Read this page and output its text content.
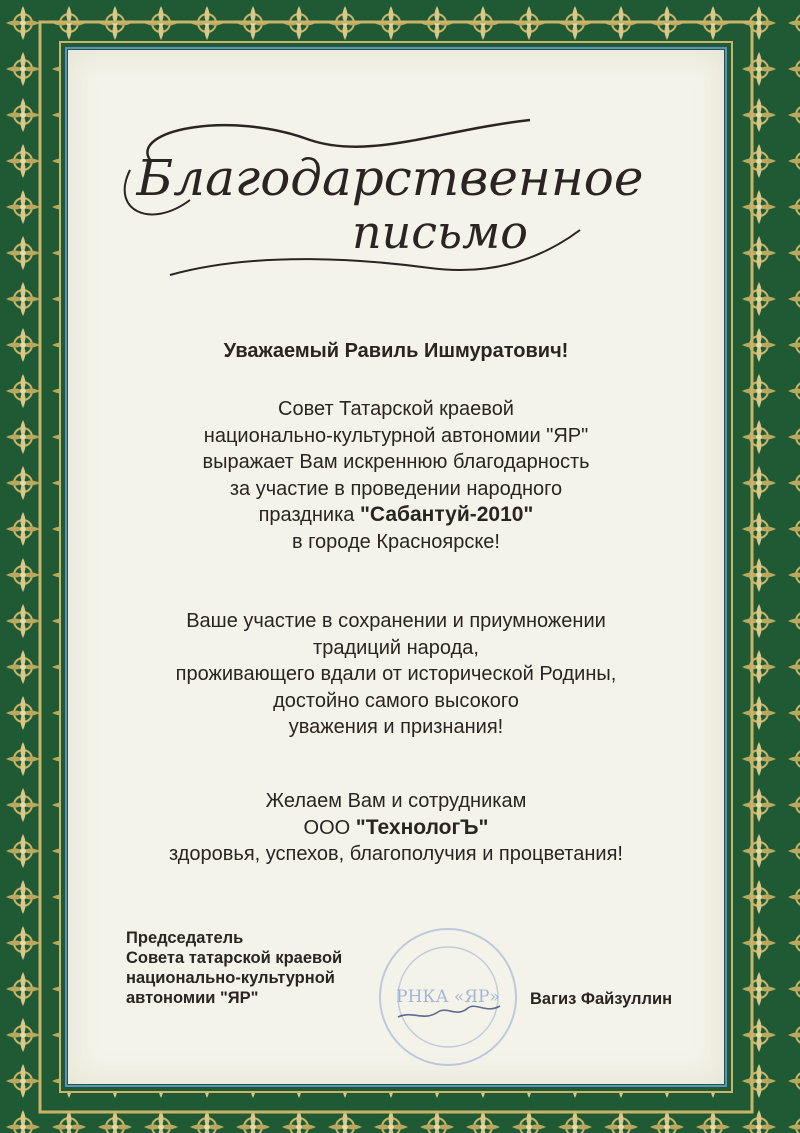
Благодарственное
письмо
Уважаемый Равиль Ишмуратович!
Совет Татарской краевой
национально-культурной автономии "ЯР"
выражает Вам искреннюю благодарность
за участие в проведении народного
праздника "Сабантуй-2010"
в городе Красноярске!
Ваше участие в сохранении и приумножении
традиций народа,
проживающего вдали от исторической Родины,
достойно самого высокого
уважения и признания!
Желаем Вам и сотрудникам
ООО "ТехнологЪ"
здоровья, успехов, благополучия и процветания!
Председатель
Совета татарской краевой
национально-культурной
автономии "ЯР"	РНКА «ЯР» Вагиз Файзуллин
